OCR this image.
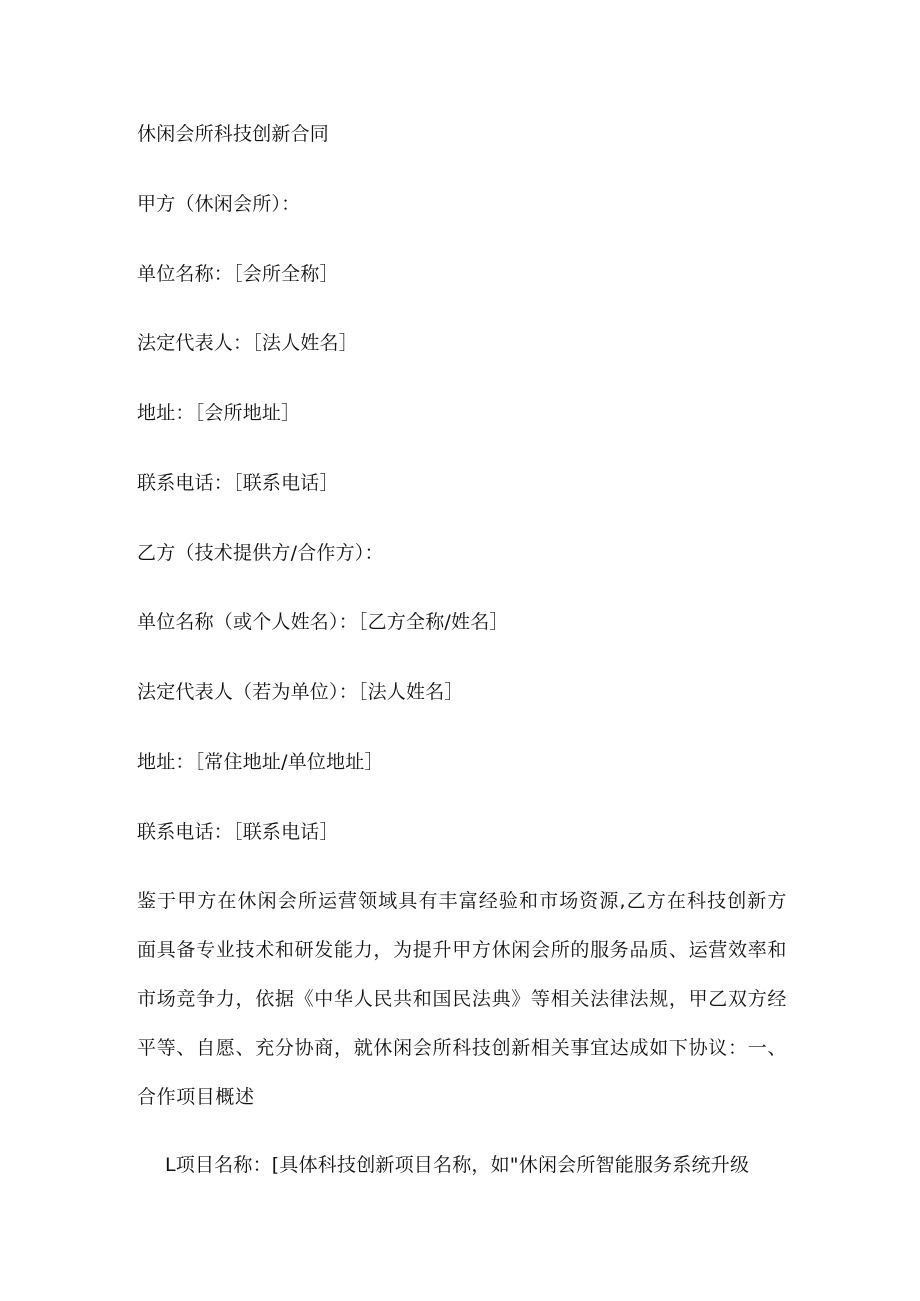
休闲会所科技创新合同
甲方（休闲会所）：
单位名称：［会所全称］
法定代表人：［法人姓名］
地址：［会所地址］
联系电话：［联系电话］
乙方（技术提供方/合作方）：
单位名称（或个人姓名）：［乙方全称/姓名］
法定代表人（若为单位）：［法人姓名］
地址：［常住地址/单位地址］
联系电话：［联系电话］
鉴于甲方在休闲会所运营领域具有丰富经验和市场资源,乙方在科技创新方面具备专业技术和研发能力，为提升甲方休闲会所的服务品质、运营效率和市场竞争力，依据《中华人民共和国民法典》等相关法律法规，甲乙双方经平等、自愿、充分协商，就休闲会所科技创新相关事宜达成如下协议：一、合作项目概述
L项目名称：[具体科技创新项目名称，如"休闲会所智能服务系统升级
